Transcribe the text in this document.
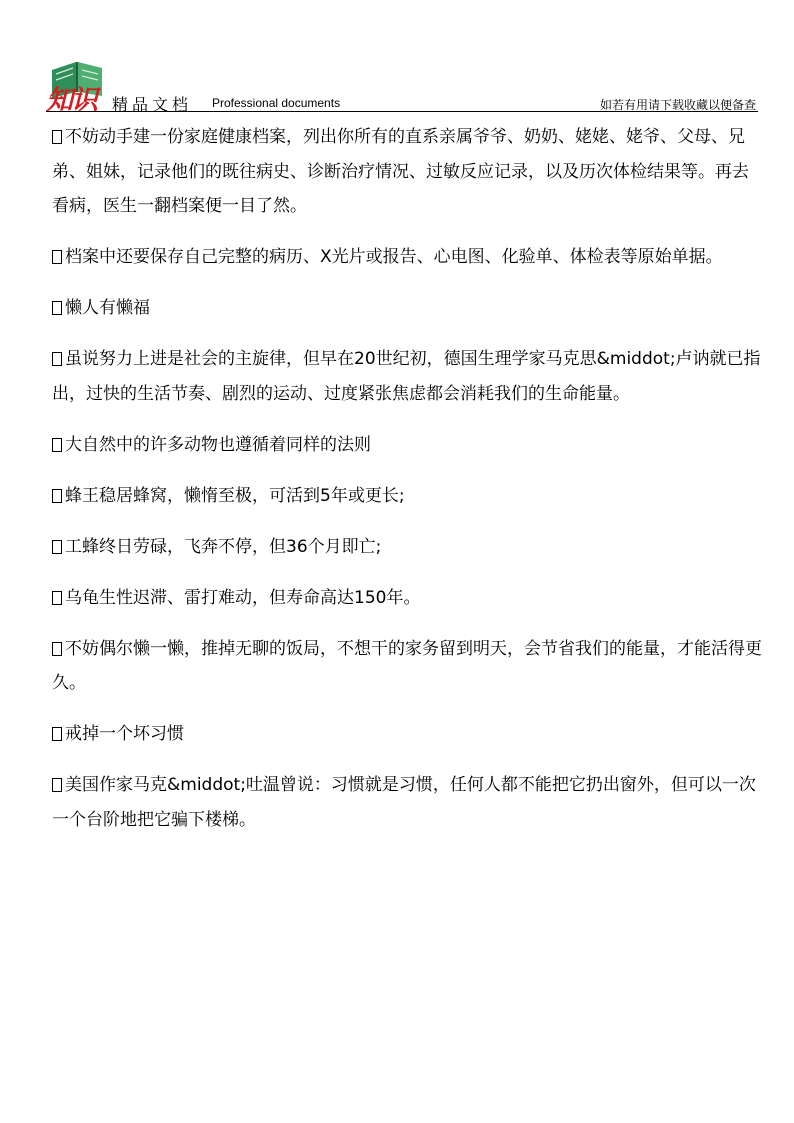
知识 精品文档 Professional documents	如若有用请下载收藏以便备查

不妨动手建一份家庭健康档案，列出你所有的直系亲属爷爷、奶奶、姥姥、姥爷、父母、兄弟、姐妹，记录他们的既往病史、诊断治疗情况、过敏反应记录，以及历次体检结果等。再去看病，医生一翻档案便一目了然。

档案中还要保存自己完整的病历、X光片或报告、心电图、化验单、体检表等原始单据。

懒人有懒福

虽说努力上进是社会的主旋律，但早在20世纪初，德国生理学家马克思&middot;卢讷就已指出，过快的生活节奏、剧烈的运动、过度紧张焦虑都会消耗我们的生命能量。

大自然中的许多动物也遵循着同样的法则

蜂王稳居蜂窝，懒惰至极，可活到5年或更长;

工蜂终日劳碌，飞奔不停，但36个月即亡;

乌龟生性迟滞、雷打难动，但寿命高达150年。

不妨偶尔懒一懒，推掉无聊的饭局，不想干的家务留到明天，会节省我们的能量，才能活得更久。

戒掉一个坏习惯

美国作家马克&middot;吐温曾说：习惯就是习惯，任何人都不能把它扔出窗外，但可以一次一个台阶地把它骗下楼梯。
